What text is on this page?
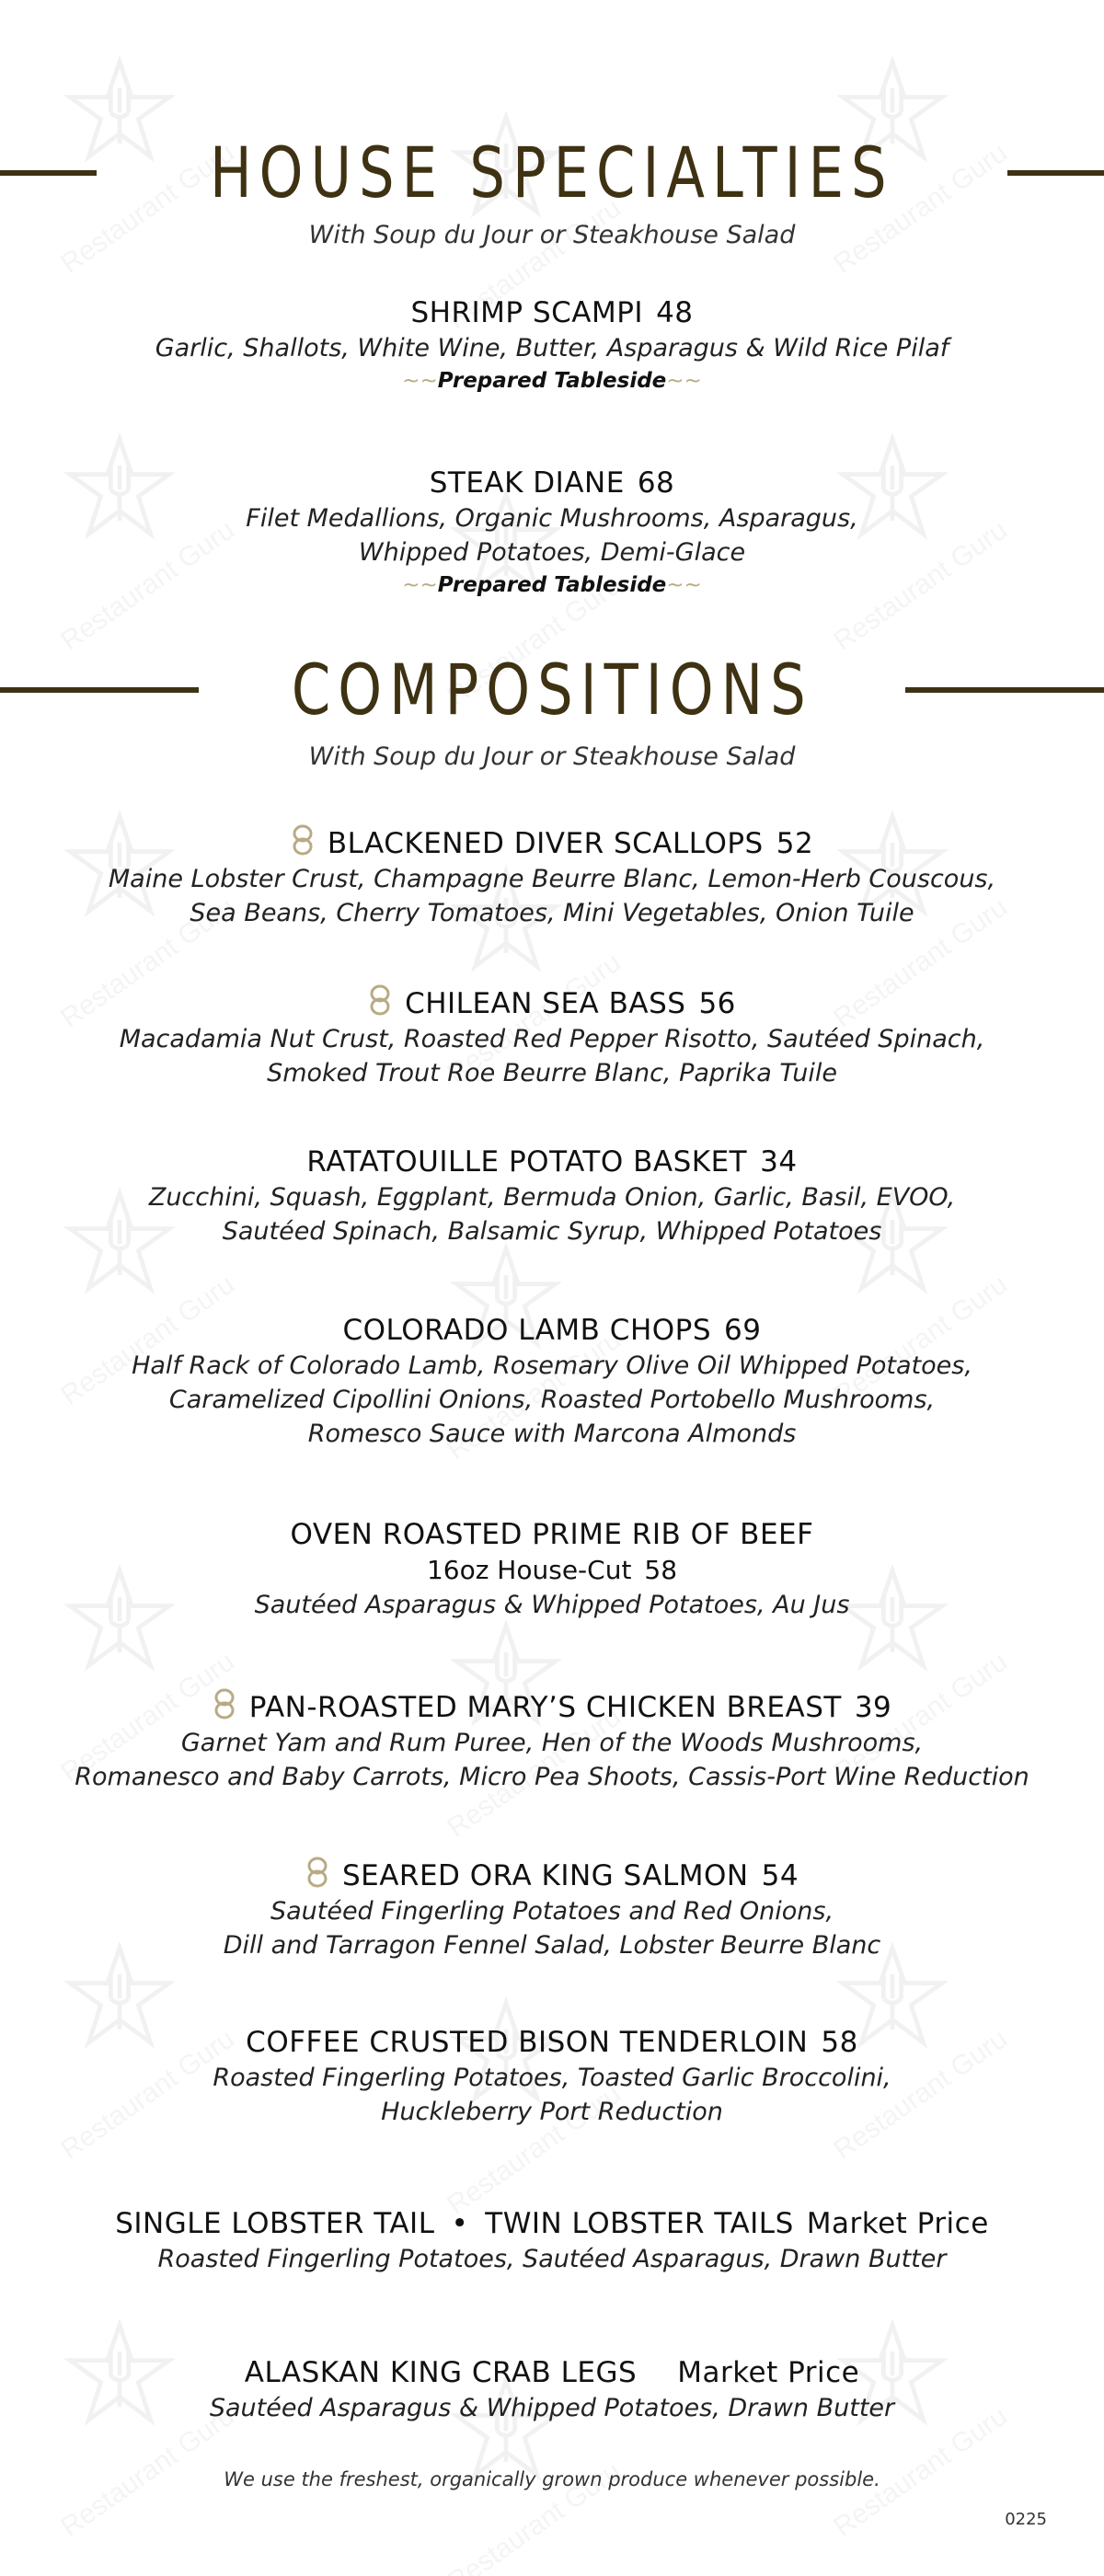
HOUSE SPECIALTIES
With Soup du Jour or Steakhouse Salad
SHRIMP SCAMPI 48
Garlic, Shallots, White Wine, Butter, Asparagus & Wild Rice Pilaf
~~Prepared Tableside~~
STEAK DIANE 68
Filet Medallions, Organic Mushrooms, Asparagus,
Whipped Potatoes, Demi-Glace
~~Prepared Tableside~~
COMPOSITIONS
With Soup du Jour or Steakhouse Salad
BLACKENED DIVER SCALLOPS 52
Maine Lobster Crust, Champagne Beurre Blanc, Lemon-Herb Couscous,
Sea Beans, Cherry Tomatoes, Mini Vegetables, Onion Tuile
CHILEAN SEA BASS 56
Macadamia Nut Crust, Roasted Red Pepper Risotto, Sautéed Spinach,
Smoked Trout Roe Beurre Blanc, Paprika Tuile
RATATOUILLE POTATO BASKET 34
Zucchini, Squash, Eggplant, Bermuda Onion, Garlic, Basil, EVOO,
Sautéed Spinach, Balsamic Syrup, Whipped Potatoes
COLORADO LAMB CHOPS 69
Half Rack of Colorado Lamb, Rosemary Olive Oil Whipped Potatoes,
Caramelized Cipollini Onions, Roasted Portobello Mushrooms,
Romesco Sauce with Marcona Almonds
OVEN ROASTED PRIME RIB OF BEEF
16oz House-Cut 58
Sautéed Asparagus & Whipped Potatoes, Au Jus
PAN-ROASTED MARY’S CHICKEN BREAST 39
Garnet Yam and Rum Puree, Hen of the Woods Mushrooms,
Romanesco and Baby Carrots, Micro Pea Shoots, Cassis-Port Wine Reduction
SEARED ORA KING SALMON 54
Sautéed Fingerling Potatoes and Red Onions,
Dill and Tarragon Fennel Salad, Lobster Beurre Blanc
COFFEE CRUSTED BISON TENDERLOIN 58
Roasted Fingerling Potatoes, Toasted Garlic Broccolini,
Huckleberry Port Reduction
SINGLE LOBSTER TAIL • TWIN LOBSTER TAILS Market Price
Roasted Fingerling Potatoes, Sautéed Asparagus, Drawn Butter
ALASKAN KING CRAB LEGS Market Price
Sautéed Asparagus & Whipped Potatoes, Drawn Butter
We use the freshest, organically grown produce whenever possible.
0225
